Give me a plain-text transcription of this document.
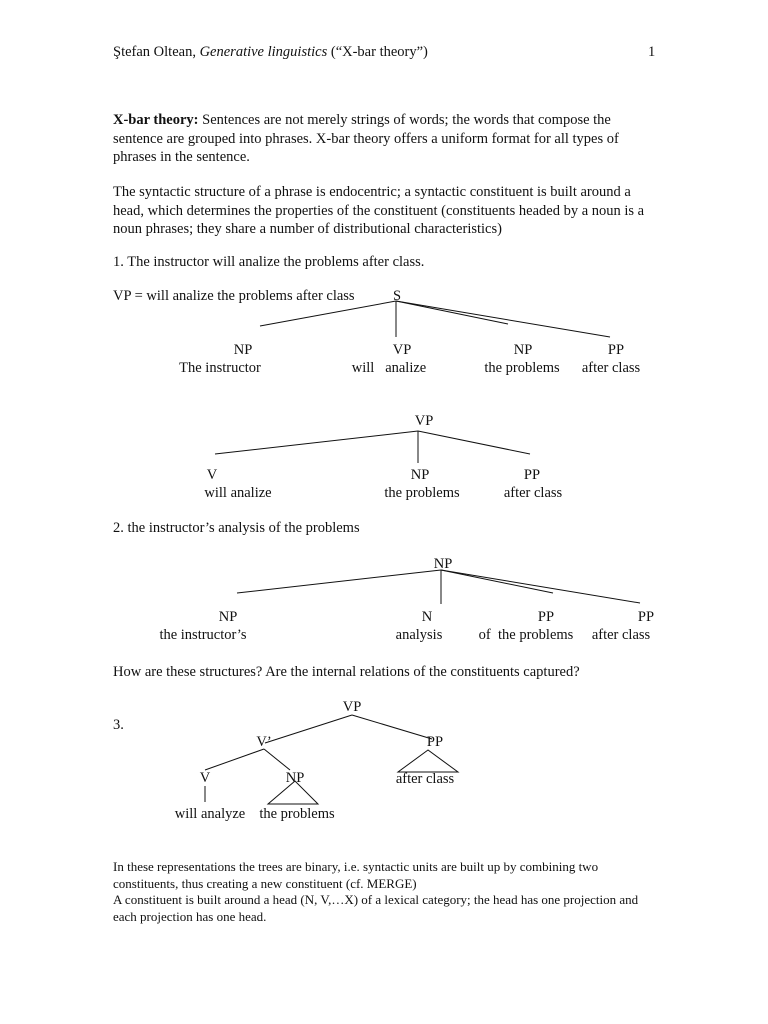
Ştefan Oltean, Generative linguistics (“X-bar theory”)	1
X-bar theory: Sentences are not merely strings of words; the words that compose the sentence are grouped into phrases. X-bar theory offers a uniform format for all types of phrases in the sentence.
The syntactic structure of a phrase is endocentric; a syntactic constituent is built around a head, which determines the properties of the constituent (constituents headed by a noun is a noun phrases; they share a number of distributional characteristics)
1. The instructor will analize the problems after class.
VP = will analize the problems after class	S
NP
The instructor
VP
will   analize
NP
the problems
PP
after class
VP
V
will analize
NP
the problems
PP
after class
2. the instructor’s analysis of the problems
NP
NP
the instructor’s
N
analysis
PP
of  the problems
PP
after class
How are these structures? Are the internal relations of the constituents captured?
3.
VP
V’	PP
V	NP	after class
will analyze the problems
In these representations the trees are binary, i.e. syntactic units are built up by combining two constituents, thus creating a new constituent (cf. MERGE)
A constituent is built around a head (N, V,…X) of a lexical category; the head has one projection and each projection has one head.
